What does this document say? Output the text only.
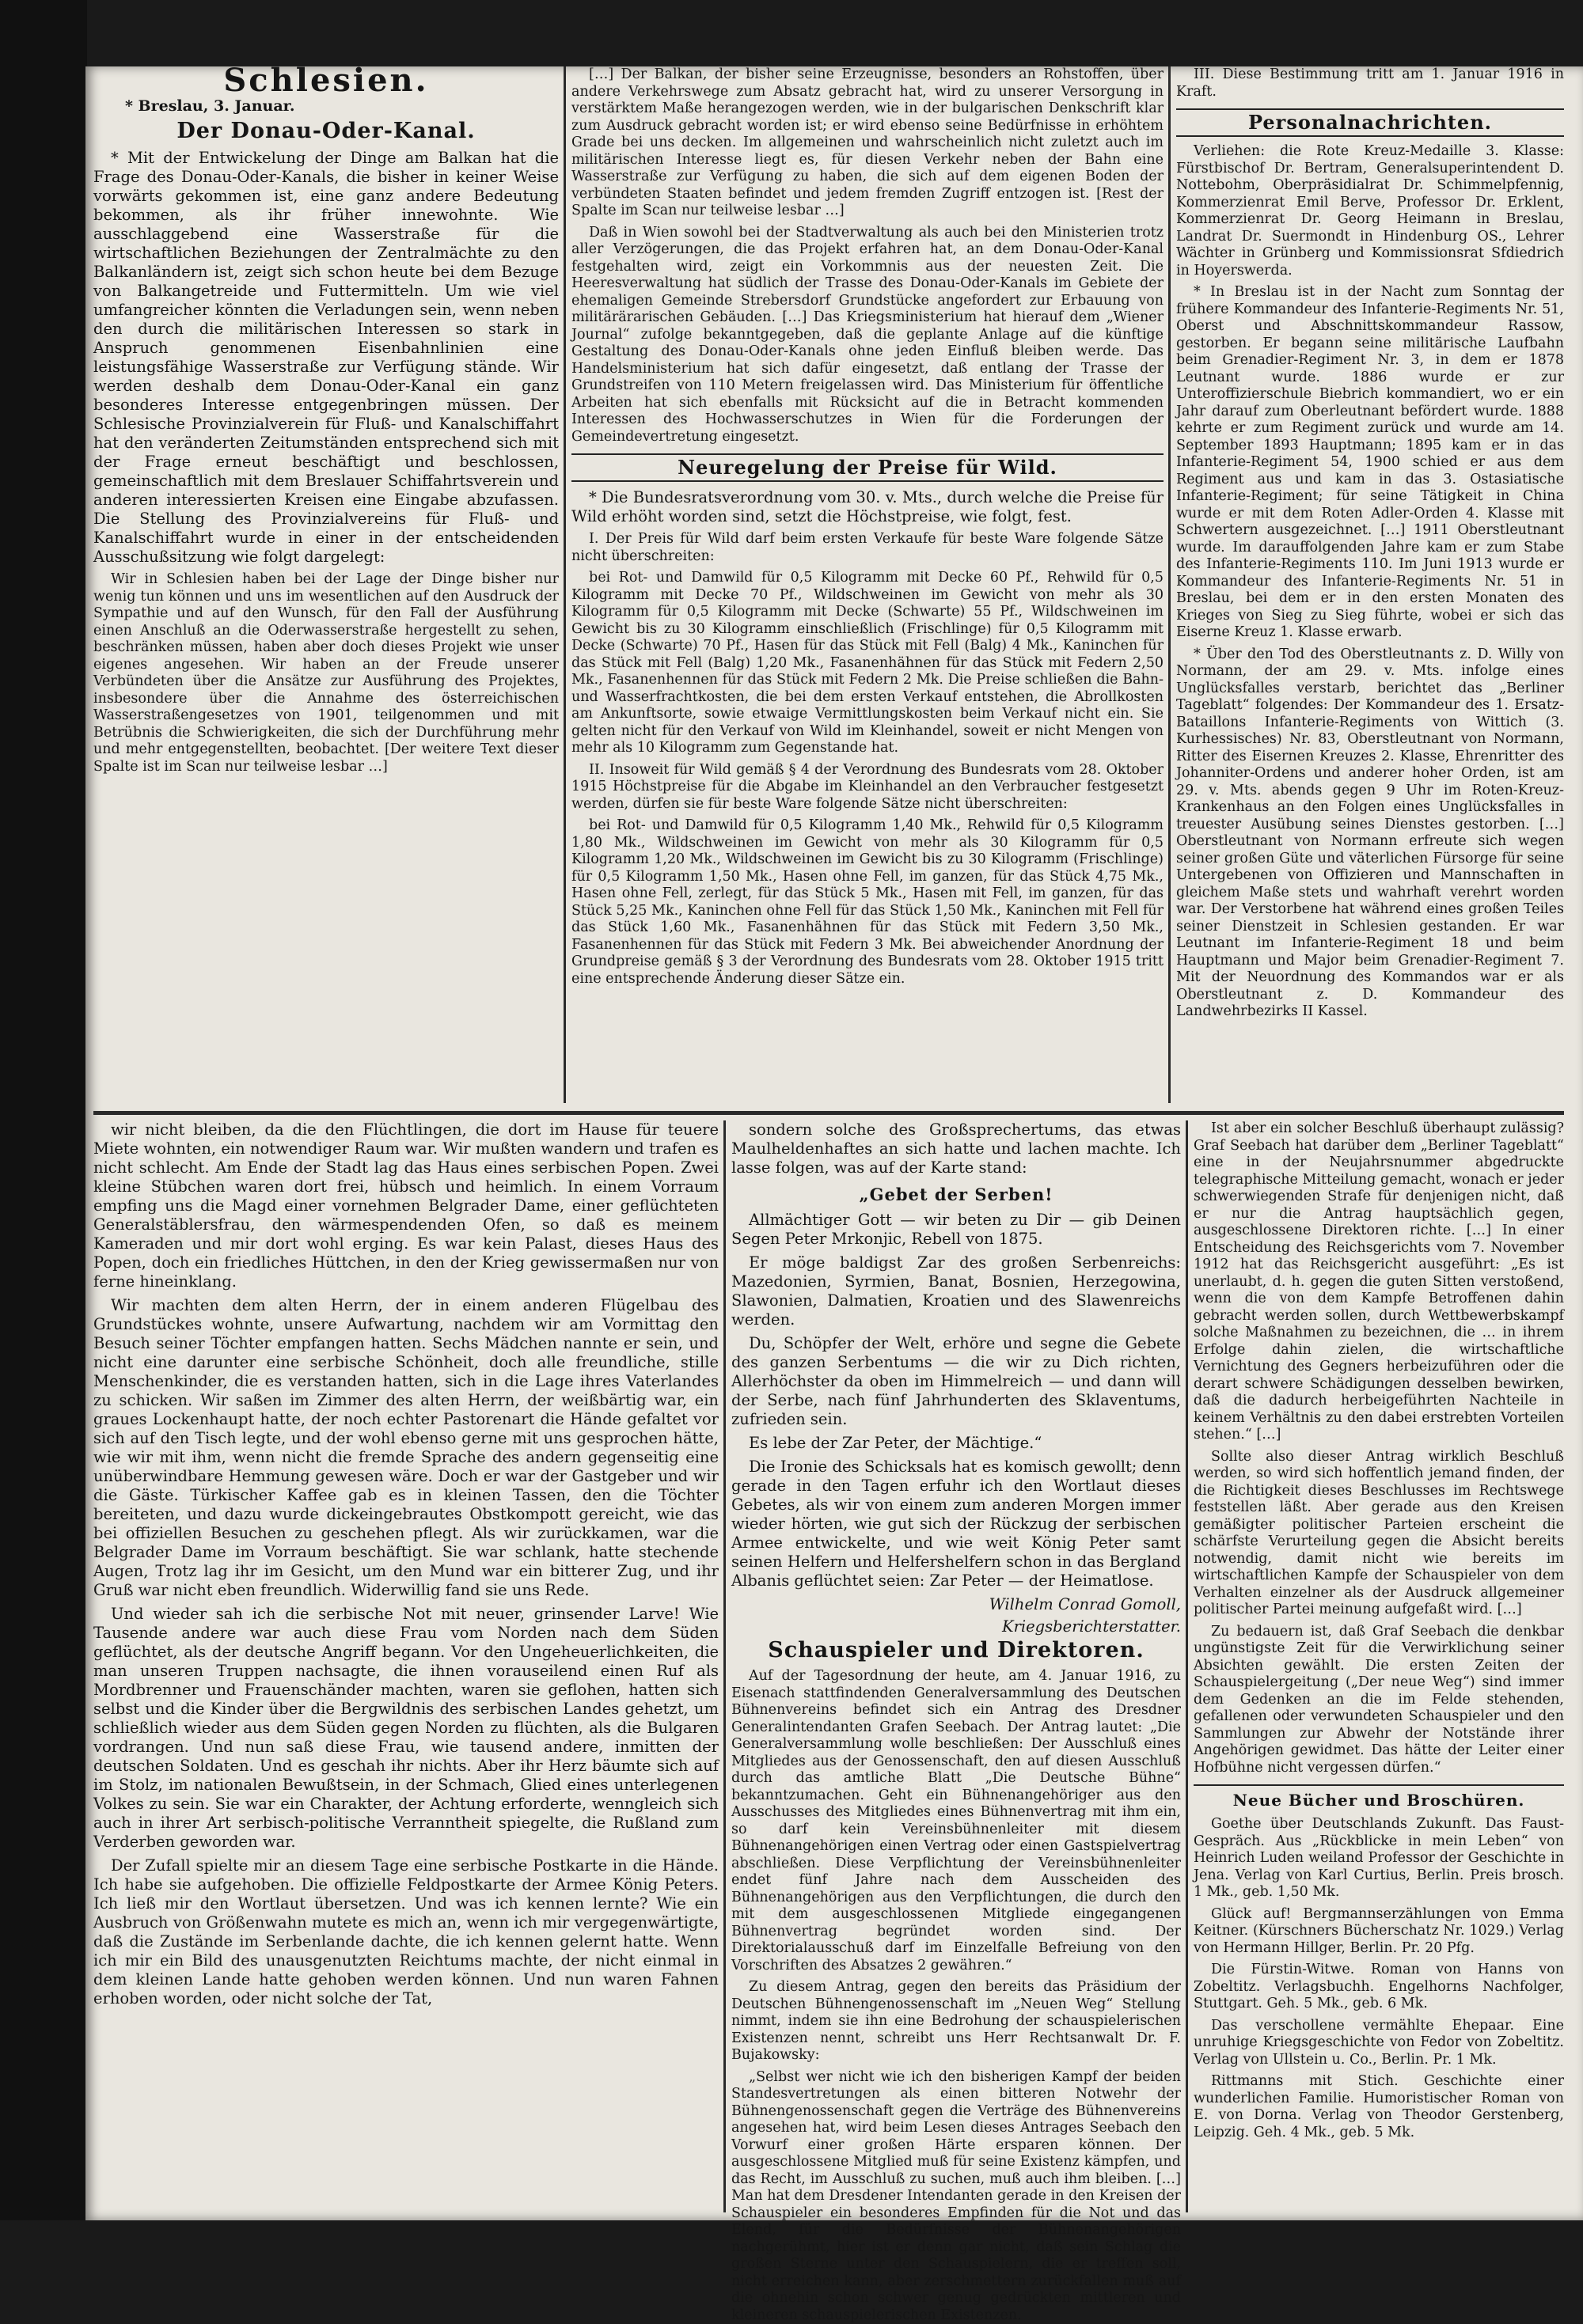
Schlesien.
* Breslau, 3. Januar.
Der Donau-Oder-Kanal.

* Mit der Entwickelung der Dinge am Balkan hat die Frage des Donau-Oder-Kanals, die bisher in keiner Weise vorwärts gekommen ist, eine ganz andere Bedeutung bekommen, als ihr früher innewohnte. Wie ausschlaggebend eine Wasserstraße für die wirtschaftlichen Beziehungen der Zentralmächte zu den Balkanländern ist, zeigt sich schon heute bei dem Bezuge von Balkangetreide und Futtermitteln. Um wie viel umfangreicher könnten die Verladungen sein, wenn neben den durch die militärischen Interessen so stark in Anspruch genommenen Eisenbahnlinien eine leistungsfähige Wasserstraße zur Verfügung stände. Wir werden deshalb dem Donau-Oder-Kanal ein ganz besonderes Interesse entgegenbringen müssen. Der Schlesische Provinzialverein für Fluß- und Kanalschiffahrt hat den veränderten Zeitumständen entsprechend sich mit der Frage erneut beschäftigt und beschlossen, gemeinschaftlich mit dem Breslauer Schiffahrtsverein und anderen interessierten Kreisen eine Eingabe abzufassen. Die Stellung des Provinzialvereins für Fluß- und Kanalschiffahrt wurde in einer in der entscheidenden Ausschußsitzung wie folgt dargelegt:

Wir in Schlesien haben bei der Lage der Dinge bisher nur wenig tun können und uns im wesentlichen auf den Ausdruck der Sympathie und auf den Wunsch, für den Fall der Ausführung einen Anschluß an die Oderwasserstraße hergestellt zu sehen, beschränken müssen, haben aber doch dieses Projekt wie unser eigenes angesehen. Wir haben an der Freude unserer Verbündeten über die Ansätze zur Ausführung des Projektes, insbesondere über die Annahme des österreichischen Wasserstraßengesetzes von 1901, teilgenommen und mit Betrübnis die Schwierigkeiten, die sich der Durchführung mehr und mehr entgegenstellten, beobachtet. [Der weitere Text dieser Spalte ist im Scan nur teilweise lesbar …]

[…] Der Balkan, der bisher seine Erzeugnisse, besonders an Rohstoffen, über andere Verkehrswege zum Absatz gebracht hat, wird zu unserer Versorgung in verstärktem Maße herangezogen werden, wie in der bulgarischen Denkschrift klar zum Ausdruck gebracht worden ist; er wird ebenso seine Bedürfnisse in erhöhtem Grade bei uns decken. Im allgemeinen und wahrscheinlich nicht zuletzt auch im militärischen Interesse liegt es, für diesen Verkehr neben der Bahn eine Wasserstraße zur Verfügung zu haben, die sich auf dem eigenen Boden der verbündeten Staaten befindet und jedem fremden Zugriff entzogen ist. [Rest der Spalte im Scan nur teilweise lesbar …]

Daß in Wien sowohl bei der Stadtverwaltung als auch bei den Ministerien trotz aller Verzögerungen, die das Projekt erfahren hat, an dem Donau-Oder-Kanal festgehalten wird, zeigt ein Vorkommnis aus der neuesten Zeit. Die Heeresverwaltung hat südlich der Trasse des Donau-Oder-Kanals im Gebiete der ehemaligen Gemeinde Strebersdorf Grundstücke angefordert zur Erbauung von militärärarischen Gebäuden. […] Das Kriegsministerium hat hierauf dem „Wiener Journal“ zufolge bekanntgegeben, daß die geplante Anlage auf die künftige Gestaltung des Donau-Oder-Kanals ohne jeden Einfluß bleiben werde. Das Handelsministerium hat sich dafür eingesetzt, daß entlang der Trasse der Grundstreifen von 110 Metern freigelassen wird. Das Ministerium für öffentliche Arbeiten hat sich ebenfalls mit Rücksicht auf die in Betracht kommenden Interessen des Hochwasserschutzes in Wien für die Forderungen der Gemeindevertretung eingesetzt.

Neuregelung der Preise für Wild.

* Die Bundesratsverordnung vom 30. v. Mts., durch welche die Preise für Wild erhöht worden sind, setzt die Höchstpreise, wie folgt, fest.

I. Der Preis für Wild darf beim ersten Verkaufe für beste Ware folgende Sätze nicht überschreiten:

bei Rot- und Damwild für 0,5 Kilogramm mit Decke 60 Pf., Rehwild für 0,5 Kilogramm mit Decke 70 Pf., Wildschweinen im Gewicht von mehr als 30 Kilogramm für 0,5 Kilogramm mit Decke (Schwarte) 55 Pf., Wildschweinen im Gewicht bis zu 30 Kilogramm einschließlich (Frischlinge) für 0,5 Kilogramm mit Decke (Schwarte) 70 Pf., Hasen für das Stück mit Fell (Balg) 4 Mk., Kaninchen für das Stück mit Fell (Balg) 1,20 Mk., Fasanenhähnen für das Stück mit Federn 2,50 Mk., Fasanenhennen für das Stück mit Federn 2 Mk. Die Preise schließen die Bahn- und Wasserfrachtkosten, die bei dem ersten Verkauf entstehen, die Abrollkosten am Ankunftsorte, sowie etwaige Vermittlungskosten beim Verkauf nicht ein. Sie gelten nicht für den Verkauf von Wild im Kleinhandel, soweit er nicht Mengen von mehr als 10 Kilogramm zum Gegenstande hat.

II. Insoweit für Wild gemäß § 4 der Verordnung des Bundesrats vom 28. Oktober 1915 Höchstpreise für die Abgabe im Kleinhandel an den Verbraucher festgesetzt werden, dürfen sie für beste Ware folgende Sätze nicht überschreiten:

bei Rot- und Damwild für 0,5 Kilogramm 1,40 Mk., Rehwild für 0,5 Kilogramm 1,80 Mk., Wildschweinen im Gewicht von mehr als 30 Kilogramm für 0,5 Kilogramm 1,20 Mk., Wildschweinen im Gewicht bis zu 30 Kilogramm (Frischlinge) für 0,5 Kilogramm 1,50 Mk., Hasen ohne Fell, im ganzen, für das Stück 4,75 Mk., Hasen ohne Fell, zerlegt, für das Stück 5 Mk., Hasen mit Fell, im ganzen, für das Stück 5,25 Mk., Kaninchen ohne Fell für das Stück 1,50 Mk., Kaninchen mit Fell für das Stück 1,60 Mk., Fasanenhähnen für das Stück mit Federn 3,50 Mk., Fasanenhennen für das Stück mit Federn 3 Mk. Bei abweichender Anordnung der Grundpreise gemäß § 3 der Verordnung des Bundesrats vom 28. Oktober 1915 tritt eine entsprechende Änderung dieser Sätze ein.

III. Diese Bestimmung tritt am 1. Januar 1916 in Kraft.

Personalnachrichten.

Verliehen: die Rote Kreuz-Medaille 3. Klasse: Fürstbischof Dr. Bertram, Generalsuperintendent D. Nottebohm, Oberpräsidialrat Dr. Schimmelpfennig, Kommerzienrat Emil Berve, Professor Dr. Erklent, Kommerzienrat Dr. Georg Heimann in Breslau, Landrat Dr. Suermondt in Hindenburg OS., Lehrer Wächter in Grünberg und Kommissionsrat Sfdiedrich in Hoyerswerda.

* In Breslau ist in der Nacht zum Sonntag der frühere Kommandeur des Infanterie-Regiments Nr. 51, Oberst und Abschnittskommandeur Rassow, gestorben. Er begann seine militärische Laufbahn beim Grenadier-Regiment Nr. 3, in dem er 1878 Leutnant wurde. 1886 wurde er zur Unteroffizierschule Biebrich kommandiert, wo er ein Jahr darauf zum Oberleutnant befördert wurde. 1888 kehrte er zum Regiment zurück und wurde am 14. September 1893 Hauptmann; 1895 kam er in das Infanterie-Regiment 54, 1900 schied er aus dem Regiment aus und kam in das 3. Ostasiatische Infanterie-Regiment; für seine Tätigkeit in China wurde er mit dem Roten Adler-Orden 4. Klasse mit Schwertern ausgezeichnet. […] 1911 Oberstleutnant wurde. Im darauffolgenden Jahre kam er zum Stabe des Infanterie-Regiments 110. Im Juni 1913 wurde er Kommandeur des Infanterie-Regiments Nr. 51 in Breslau, bei dem er in den ersten Monaten des Krieges von Sieg zu Sieg führte, wobei er sich das Eiserne Kreuz 1. Klasse erwarb.

* Über den Tod des Oberstleutnants z. D. Willy von Normann, der am 29. v. Mts. infolge eines Unglücksfalles verstarb, berichtet das „Berliner Tageblatt“ folgendes: Der Kommandeur des 1. Ersatz-Bataillons Infanterie-Regiments von Wittich (3. Kurhessisches) Nr. 83, Oberstleutnant von Normann, Ritter des Eisernen Kreuzes 2. Klasse, Ehrenritter des Johanniter-Ordens und anderer hoher Orden, ist am 29. v. Mts. abends gegen 9 Uhr im Roten-Kreuz-Krankenhaus an den Folgen eines Unglücksfalles in treuester Ausübung seines Dienstes gestorben. […] Oberstleutnant von Normann erfreute sich wegen seiner großen Güte und väterlichen Fürsorge für seine Untergebenen von Offizieren und Mannschaften in gleichem Maße stets und wahrhaft verehrt worden war. Der Verstorbene hat während eines großen Teiles seiner Dienstzeit in Schlesien gestanden. Er war Leutnant im Infanterie-Regiment 18 und beim Hauptmann und Major beim Grenadier-Regiment 7. Mit der Neuordnung des Kommandos war er als Oberstleutnant z. D. Kommandeur des Landwehrbezirks II Kassel.

wir nicht bleiben, da die den Flüchtlingen, die dort im Hause für teuere Miete wohnten, ein notwendiger Raum war. Wir mußten wandern und trafen es nicht schlecht. Am Ende der Stadt lag das Haus eines serbischen Popen. Zwei kleine Stübchen waren dort frei, hübsch und heimlich. In einem Vorraum empfing uns die Magd einer vornehmen Belgrader Dame, einer geflüchteten Generalstäblersfrau, den wärmespendenden Ofen, so daß es meinem Kameraden und mir dort wohl erging. Es war kein Palast, dieses Haus des Popen, doch ein friedliches Hüttchen, in den der Krieg gewissermaßen nur von ferne hineinklang.

Wir machten dem alten Herrn, der in einem anderen Flügelbau des Grundstückes wohnte, unsere Aufwartung, nachdem wir am Vormittag den Besuch seiner Töchter empfangen hatten. Sechs Mädchen nannte er sein, und nicht eine darunter eine serbische Schönheit, doch alle freundliche, stille Menschenkinder, die es verstanden hatten, sich in die Lage ihres Vaterlandes zu schicken. Wir saßen im Zimmer des alten Herrn, der weißbärtig war, ein graues Lockenhaupt hatte, der noch echter Pastorenart die Hände gefaltet vor sich auf den Tisch legte, und der wohl ebenso gerne mit uns gesprochen hätte, wie wir mit ihm, wenn nicht die fremde Sprache des andern gegenseitig eine unüberwindbare Hemmung gewesen wäre. Doch er war der Gastgeber und wir die Gäste. Türkischer Kaffee gab es in kleinen Tassen, den die Töchter bereiteten, und dazu wurde dickeingebrautes Obstkompott gereicht, wie das bei offiziellen Besuchen zu geschehen pflegt. Als wir zurückkamen, war die Belgrader Dame im Vorraum beschäftigt. Sie war schlank, hatte stechende Augen, Trotz lag ihr im Gesicht, um den Mund war ein bitterer Zug, und ihr Gruß war nicht eben freundlich. Widerwillig fand sie uns Rede.

Und wieder sah ich die serbische Not mit neuer, grinsender Larve! Wie Tausende andere war auch diese Frau vom Norden nach dem Süden geflüchtet, als der deutsche Angriff begann. Vor den Ungeheuerlichkeiten, die man unseren Truppen nachsagte, die ihnen vorauseilend einen Ruf als Mordbrenner und Frauenschänder machten, waren sie geflohen, hatten sich selbst und die Kinder über die Bergwildnis des serbischen Landes gehetzt, um schließlich wieder aus dem Süden gegen Norden zu flüchten, als die Bulgaren vordrangen. Und nun saß diese Frau, wie tausend andere, inmitten der deutschen Soldaten. Und es geschah ihr nichts. Aber ihr Herz bäumte sich auf im Stolz, im nationalen Bewußtsein, in der Schmach, Glied eines unterlegenen Volkes zu sein. Sie war ein Charakter, der Achtung erforderte, wenngleich sich auch in ihrer Art serbisch-politische Verranntheit spiegelte, die Rußland zum Verderben geworden war.

Der Zufall spielte mir an diesem Tage eine serbische Postkarte in die Hände. Ich habe sie aufgehoben. Die offizielle Feldpostkarte der Armee König Peters. Ich ließ mir den Wortlaut übersetzen. Und was ich kennen lernte? Wie ein Ausbruch von Größenwahn mutete es mich an, wenn ich mir vergegenwärtigte, daß die Zustände im Serbenlande dachte, die ich kennen gelernt hatte. Wenn ich mir ein Bild des unausgenutzten Reichtums machte, der nicht einmal in dem kleinen Lande hatte gehoben werden können. Und nun waren Fahnen erhoben worden, oder nicht solche der Tat,

sondern solche des Großsprechertums, das etwas Maulheldenhaftes an sich hatte und lachen machte. Ich lasse folgen, was auf der Karte stand:

„Gebet der Serben!

Allmächtiger Gott — wir beten zu Dir — gib Deinen Segen Peter Mrkonjic, Rebell von 1875.

Er möge baldigst Zar des großen Serbenreichs: Mazedonien, Syrmien, Banat, Bosnien, Herzegowina, Slawonien, Dalmatien, Kroatien und des Slawenreichs werden.

Du, Schöpfer der Welt, erhöre und segne die Gebete des ganzen Serbentums — die wir zu Dich richten, Allerhöchster da oben im Himmelreich — und dann will der Serbe, nach fünf Jahrhunderten des Sklaventums, zufrieden sein.

Es lebe der Zar Peter, der Mächtige.“

Die Ironie des Schicksals hat es komisch gewollt; denn gerade in den Tagen erfuhr ich den Wortlaut dieses Gebetes, als wir von einem zum anderen Morgen immer wieder hörten, wie gut sich der Rückzug der serbischen Armee entwickelte, und wie weit König Peter samt seinen Helfern und Helfershelfern schon in das Bergland Albanis geflüchtet seien: Zar Peter — der Heimatlose.

Wilhelm Conrad Gomoll,
Kriegsberichterstatter.
Schauspieler und Direktoren.

Auf der Tagesordnung der heute, am 4. Januar 1916, zu Eisenach stattfindenden Generalversammlung des Deutschen Bühnenvereins befindet sich ein Antrag des Dresdner Generalintendanten Grafen Seebach. Der Antrag lautet: „Die Generalversammlung wolle beschließen: Der Ausschluß eines Mitgliedes aus der Genossenschaft, den auf diesen Ausschluß durch das amtliche Blatt „Die Deutsche Bühne“ bekanntzumachen. Geht ein Bühnenangehöriger aus den Ausschusses des Mitgliedes eines Bühnenvertrag mit ihm ein, so darf kein Vereinsbühnenleiter mit diesem Bühnenangehörigen einen Vertrag oder einen Gastspielvertrag abschließen. Diese Verpflichtung der Vereinsbühnenleiter endet fünf Jahre nach dem Ausscheiden des Bühnenangehörigen aus den Verpflichtungen, die durch den mit dem ausgeschlossenen Mitgliede eingegangenen Bühnenvertrag begründet worden sind. Der Direktorialausschuß darf im Einzelfalle Befreiung von den Vorschriften des Absatzes 2 gewähren.“

Zu diesem Antrag, gegen den bereits das Präsidium der Deutschen Bühnengenossenschaft im „Neuen Weg“ Stellung nimmt, indem sie ihn eine Bedrohung der schauspielerischen Existenzen nennt, schreibt uns Herr Rechtsanwalt Dr. F. Bujakowsky:

„Selbst wer nicht wie ich den bisherigen Kampf der beiden Standesvertretungen als einen bitteren Notwehr der Bühnengenossenschaft gegen die Verträge des Bühnenvereins angesehen hat, wird beim Lesen dieses Antrages Seebach den Vorwurf einer großen Härte ersparen können. Der ausgeschlossene Mitglied muß für seine Existenz kämpfen, und das Recht, im Ausschluß zu suchen, muß auch ihm bleiben. […] Man hat dem Dresdener Intendanten gerade in den Kreisen der Schauspieler ein besonderes Empfinden für die Not und das Elend, für die Bedürfnisse der Bühnenangehörigen nachgerühmt, hier ist er denn gar nicht, daß sein Schlag die großen Sterne unter den Schauspielern, die er treffen soll, nicht erreichen kann, aber zerschmettern zurückfallen muß auf die ohnehin schon schwer genug gedrückten mittleren und kleineren schauspielerischen Existenzen.

Ist aber ein solcher Beschluß überhaupt zulässig? Graf Seebach hat darüber dem „Berliner Tageblatt“ eine in der Neujahrsnummer abgedruckte telegraphische Mitteilung gemacht, wonach er jeder schwerwiegenden Strafe für denjenigen nicht, daß er nur die Antrag hauptsächlich gegen, ausgeschlossene Direktoren richte. […] In einer Entscheidung des Reichsgerichts vom 7. November 1912 hat das Reichsgericht ausgeführt: „Es ist unerlaubt, d. h. gegen die guten Sitten verstoßend, wenn die von dem Kampfe Betroffenen dahin gebracht werden sollen, durch Wettbewerbskampf solche Maßnahmen zu bezeichnen, die … in ihrem Erfolge dahin zielen, die wirtschaftliche Vernichtung des Gegners herbeizuführen oder die derart schwere Schädigungen desselben bewirken, daß die dadurch herbeigeführten Nachteile in keinem Verhältnis zu den dabei erstrebten Vorteilen stehen.“ […]

Sollte also dieser Antrag wirklich Beschluß werden, so wird sich hoffentlich jemand finden, der die Richtigkeit dieses Beschlusses im Rechtswege feststellen läßt. Aber gerade aus den Kreisen gemäßigter politischer Parteien erscheint die schärfste Verurteilung gegen die Absicht bereits notwendig, damit nicht wie bereits im wirtschaftlichen Kampfe der Schauspieler von dem Verhalten einzelner als der Ausdruck allgemeiner politischer Partei meinung aufgefaßt wird. […]

Zu bedauern ist, daß Graf Seebach die denkbar ungünstigste Zeit für die Verwirklichung seiner Absichten gewählt. Die ersten Zeiten der Schauspielergeitung („Der neue Weg“) sind immer dem Gedenken an die im Felde stehenden, gefallenen oder verwundeten Schauspieler und den Sammlungen zur Abwehr der Notstände ihrer Angehörigen gewidmet. Das hätte der Leiter einer Hofbühne nicht vergessen dürfen.“

Neue Bücher und Broschüren.

Goethe über Deutschlands Zukunft. Das Faust-Gespräch. Aus „Rückblicke in mein Leben“ von Heinrich Luden weiland Professor der Geschichte in Jena. Verlag von Karl Curtius, Berlin. Preis brosch. 1 Mk., geb. 1,50 Mk.

Glück auf! Bergmannserzählungen von Emma Keitner. (Kürschners Bücherschatz Nr. 1029.) Verlag von Hermann Hillger, Berlin. Pr. 20 Pfg.

Die Fürstin-Witwe. Roman von Hanns von Zobeltitz. Verlagsbuchh. Engelhorns Nachfolger, Stuttgart. Geh. 5 Mk., geb. 6 Mk.

Das verschollene vermählte Ehepaar. Eine unruhige Kriegsgeschichte von Fedor von Zobeltitz. Verlag von Ullstein u. Co., Berlin. Pr. 1 Mk.

Rittmanns mit Stich. Geschichte einer wunderlichen Familie. Humoristischer Roman von E. von Dorna. Verlag von Theodor Gerstenberg, Leipzig. Geh. 4 Mk., geb. 5 Mk.
